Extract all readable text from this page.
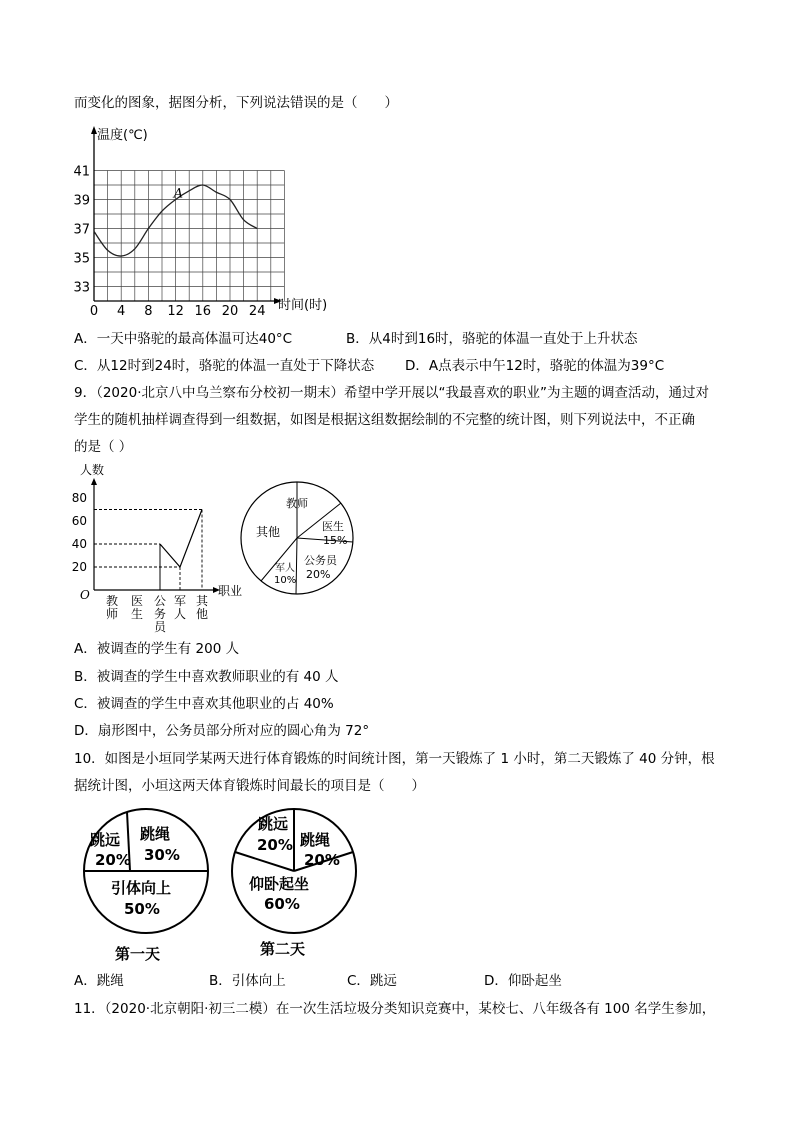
而变化的图象，据图分析，下列说法错误的是（　　）
温度(℃)
时间(时)
41
39
37
35
33
0 4 8 12 16 20 24
A
A．一天中骆驼的最高体温可达40°C	B．从4时到16时，骆驼的体温一直处于上升状态
C．从12时到24时，骆驼的体温一直处于下降状态 D．A点表示中午12时，骆驼的体温为39°C
9．（2020·北京八中乌兰察布分校初一期末）希望中学开展以“我最喜欢的职业”为主题的调查活动，通过对
学生的随机抽样调查得到一组数据，如图是根据这组数据绘制的不完整的统计图，则下列说法中，不正确
的是（ ）
人数
职业
O
20
40
60
80
教师
医生
公务员
军人
其他
教师
医生
15%
公务员
20%
军人
10%
其他
A．被调查的学生有 200 人
B．被调查的学生中喜欢教师职业的有 40 人
C．被调查的学生中喜欢其他职业的占 40%
D．扇形图中，公务员部分所对应的圆心角为 72°
10．如图是小垣同学某两天进行体育锻炼的时间统计图，第一天锻炼了 1 小时，第二天锻炼了 40 分钟，根
据统计图，小垣这两天体育锻炼时间最长的项目是（　　）
跳远
20%
跳绳
30%
引体向上
50%
第一天
跳远
20% 跳绳
20%
仰卧起坐
60%
第二天
A．跳绳	B．引体向上	C．跳远	D．仰卧起坐
11．（2020·北京朝阳·初三二模）在一次生活垃圾分类知识竞赛中，某校七、八年级各有 100 名学生参加，
